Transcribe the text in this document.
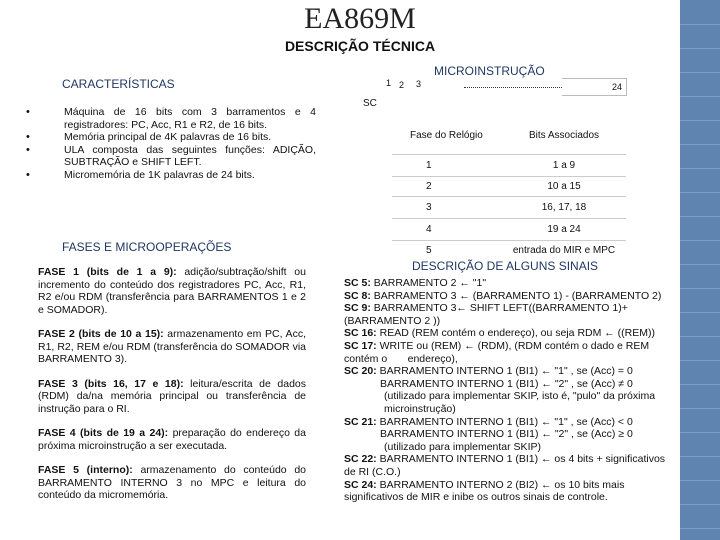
EA869M
DESCRIÇÃO TÉCNICA
CARACTERÍSTICAS
• Máquina de 16 bits com 3 barramentos e 4 registradores: PC, Acc, R1 e R2, de 16 bits.
• Memória principal de 4K palavras de 16 bits.
• ULA composta das seguintes funções: ADIÇÃO, SUBTRAÇÃO e SHIFT LEFT.
• Micromemória de 1K palavras de 24 bits.
FASES E MICROOPERAÇÕES

FASE 1 (bits de 1 a 9): adição/subtração/shift ou incremento do conteúdo dos registradores PC, Acc, R1, R2 e/ou RDM (transferência para BARRAMENTOS 1 e 2 e SOMADOR).

FASE 2 (bits de 10 a 15): armazenamento em PC, Acc, R1, R2, REM e/ou RDM (transferência do SOMADOR via BARRAMENTO 3).

FASE 3 (bits 16, 17 e 18): leitura/escrita de dados (RDM) da/na memória principal ou transferência de instrução para o RI.

FASE 4 (bits de 19 a 24): preparação do endereço da próxima microinstrução a ser executada.

FASE 5 (interno): armazenamento do conteúdo do BARRAMENTO INTERNO 3 no MPC e leitura do conteúdo da micromemória.

MICROINSTRUÇÃO
1 2 3	24
SC
Fase do Relógio	Bits Associados
1	1 a 9
2	10 a 15
3	16, 17, 18
4	19 a 24
5	entrada do MIR e MPC
DESCRIÇÃO DE ALGUNS SINAIS
SC 5: BARRAMENTO 2 ← "1"
SC 8: BARRAMENTO 3 ← (BARRAMENTO 1) - (BARRAMENTO 2)
SC 9: BARRAMENTO 3← SHIFT LEFT((BARRAMENTO 1)+(BARRAMENTO 2 ))
SC 16: READ (REM contém o endereço), ou seja RDM ← ((REM))
SC 17: WRITE ou (REM) ← (RDM), (RDM contém o dado e REM contém o       endereço),
SC 20: BARRAMENTO INTERNO 1 (BI1) ← "1" , se (Acc) = 0
BARRAMENTO INTERNO 1 (BI1) ← "2" , se (Acc) ≠ 0
(utilizado para implementar SKIP, isto é, "pulo" da próxima microinstrução)
SC 21: BARRAMENTO INTERNO 1 (BI1) ← "1" , se (Acc) < 0
BARRAMENTO INTERNO 1 (BI1) ← "2" , se (Acc) ≥ 0
(utilizado para implementar SKIP)
SC 22: BARRAMENTO INTERNO 1 (BI1) ← os 4 bits + significativos de RI (C.O.)
SC 24: BARRAMENTO INTERNO 2 (BI2) ← os 10 bits mais significativos de MIR e inibe os outros sinais de controle.
